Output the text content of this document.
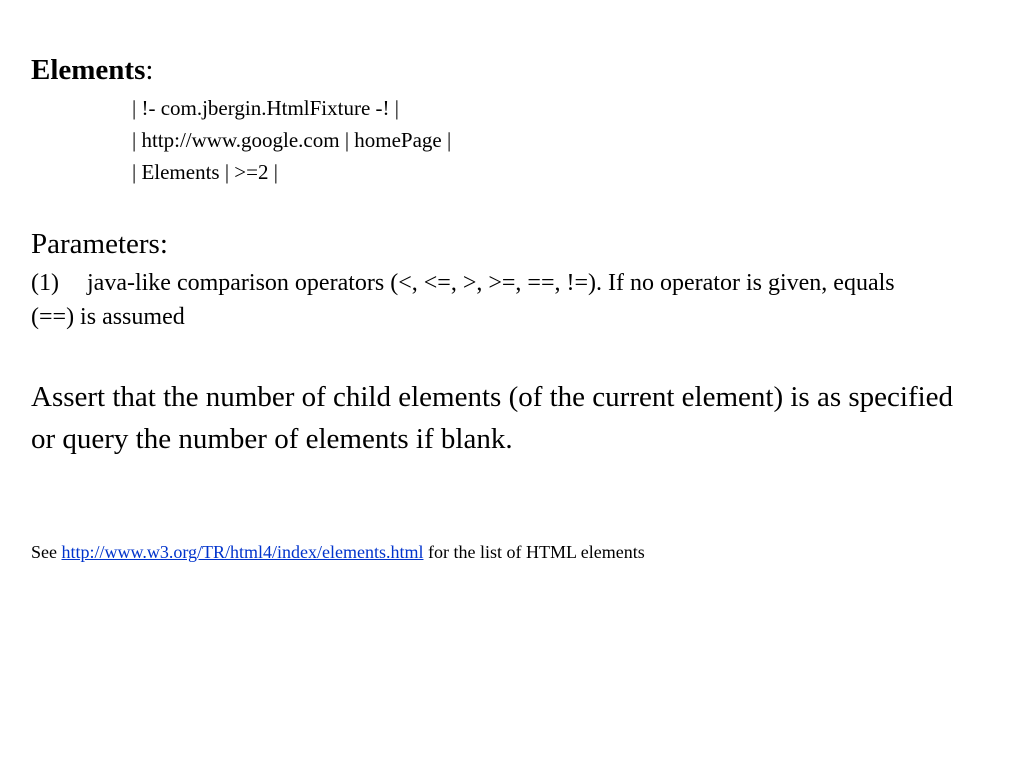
Elements:
| !- com.jbergin.HtmlFixture -! |
| http://www.google.com | homePage |
| Elements | >=2 |
Parameters:
(1) java-like comparison operators (<, <=, >, >=, ==, !=). If no operator is given, equals (==) is assumed
Assert that the number of child elements (of the current element) is as specified or query the number of elements if blank.
See http://www.w3.org/TR/html4/index/elements.html for the list of HTML elements
